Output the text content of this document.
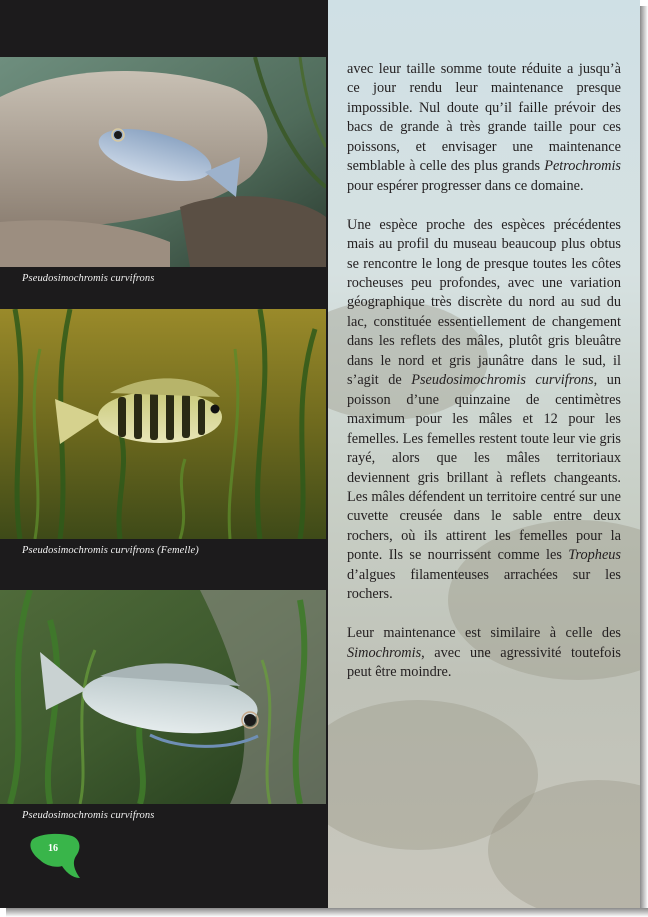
Pseudosimochromis curvifrons
Pseudosimochromis curvifrons (Femelle)
Pseudosimochromis curvifrons
16

avec leur taille somme toute réduite a jusqu’à ce jour rendu leur maintenance presque impossible. Nul doute qu’il faille prévoir des bacs de grande à très grande taille pour ces poissons, et envisager une maintenance semblable à celle des plus grands Petrochromis pour espérer progresser dans ce domaine.

Une espèce proche des espèces précédentes mais au profil du museau beaucoup plus obtus se rencontre le long de presque toutes les côtes rocheuses peu profondes, avec une variation géographique très discrète du nord au sud du lac, constituée essentiellement de changement dans les reflets des mâles, plutôt gris bleuâtre dans le nord et gris jaunâtre dans le sud, il s’agit de Pseudosimochromis curvifrons, un poisson d’une quinzaine de centimètres maximum pour les mâles et 12 pour les femelles. Les femelles restent toute leur vie gris rayé, alors que les mâles territoriaux deviennent gris brillant à reflets changeants. Les mâles défendent un territoire centré sur une cuvette creusée dans le sable entre deux rochers, où ils attirent les femelles pour la ponte. Ils se nourrissent comme les Tropheus d’algues filamenteuses arrachées sur les rochers.

Leur maintenance est similaire à celle des Simochromis, avec une agressivité toutefois peut être moindre.
